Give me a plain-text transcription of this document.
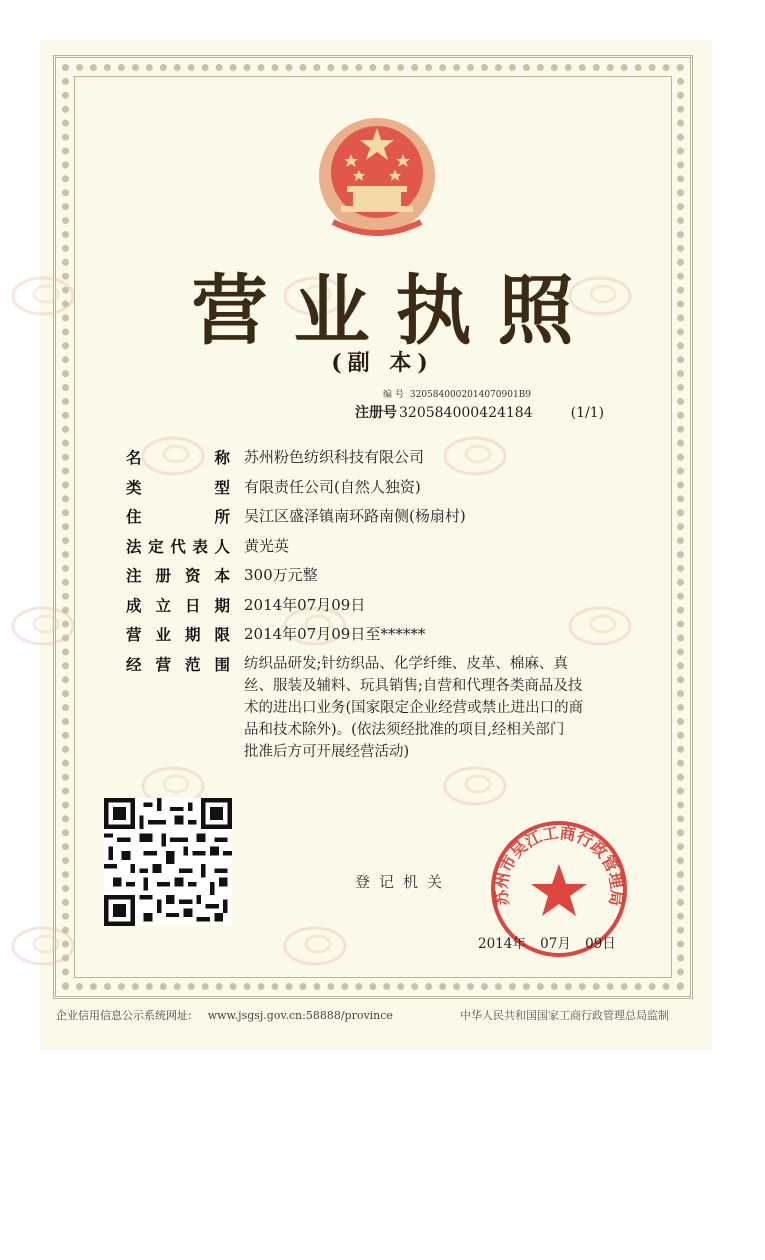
营业执照
(副 本)
编 号 3205840002014070901B9
注册号 320584000424184	(1/1)
名	称 苏州粉色纺织科技有限公司
类	型 有限责任公司(自然人独资)
住	所 吴江区盛泽镇南环路南侧(杨扇村)
法 定 代 表 人 黄光英
注 册 资 本 300万元整
成 立 日 期 2014年07月09日
营 业 期 限 2014年07月09日至******
经 营 范 围 纺织品研发;针纺织品、化学纤维、皮革、棉麻、真
丝、服装及辅料、玩具销售;自营和代理各类商品及技
术的进出口业务(国家限定企业经营或禁止进出口的商
品和技术除外)。(依法须经批准的项目,经相关部门
批准后方可开展经营活动)
登记机关
苏州市吴江工商行政管理局
2014年 07月 09日
企业信用信息公示系统网址: www.jsgsj.gov.cn:58888/province	中华人民共和国国家工商行政管理总局监制
